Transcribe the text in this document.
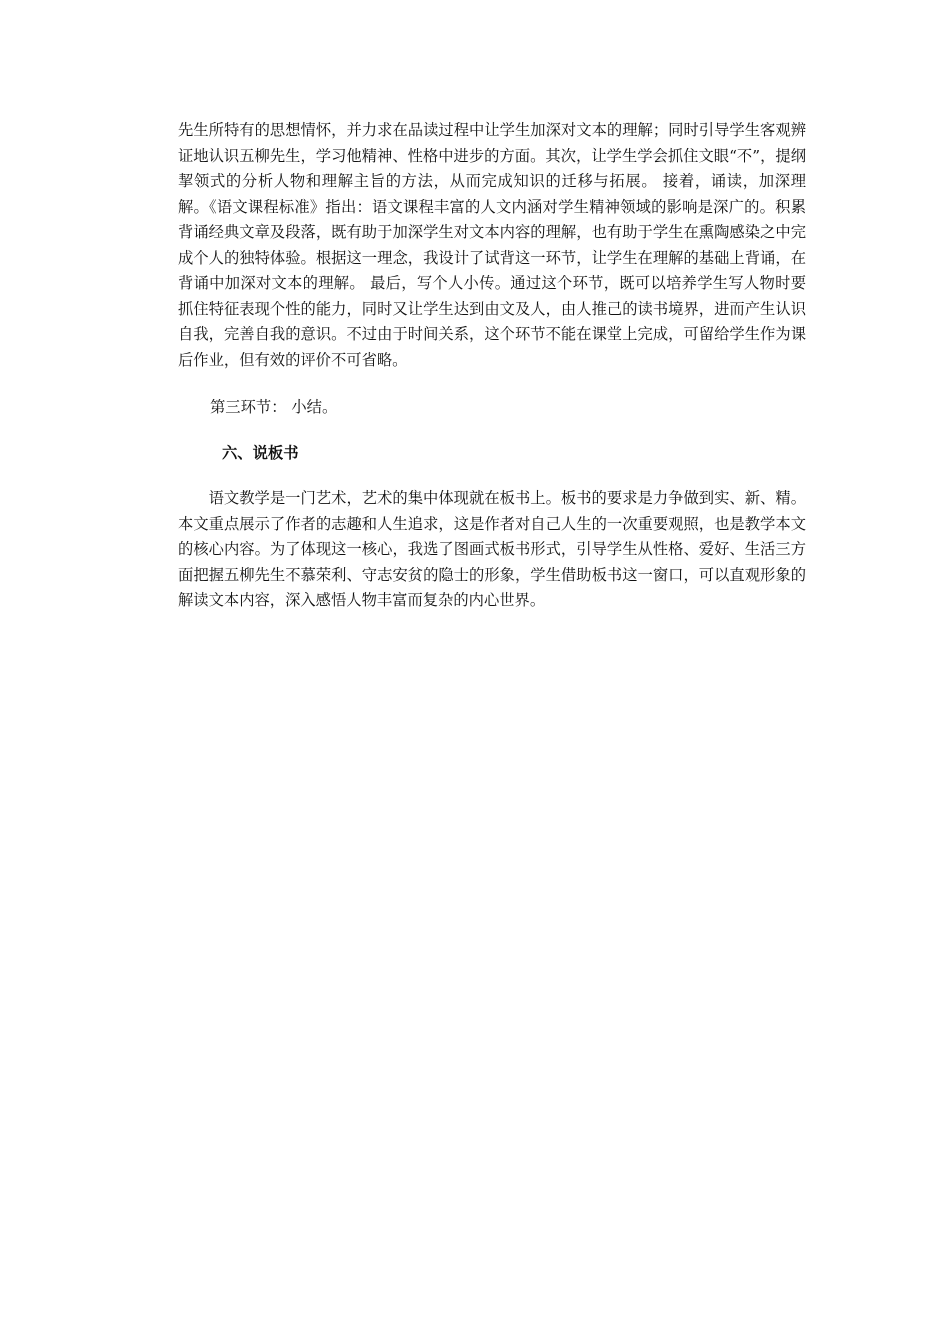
先生所特有的思想情怀，并力求在品读过程中让学生加深对文本的理解；同时引导学生客观辨证地认识五柳先生，学习他精神、性格中进步的方面。其次，让学生学会抓住文眼“不”，提纲挈领式的分析人物和理解主旨的方法，从而完成知识的迁移与拓展。 接着，诵读，加深理解。《语文课程标准》指出：语文课程丰富的人文内涵对学生精神领域的影响是深广的。积累背诵经典文章及段落，既有助于加深学生对文本内容的理解，也有助于学生在熏陶感染之中完成个人的独特体验。根据这一理念，我设计了试背这一环节，让学生在理解的基础上背诵，在背诵中加深对文本的理解。 最后，写个人小传。通过这个环节，既可以培养学生写人物时要抓住特征表现个性的能力，同时又让学生达到由文及人，由人推己的读书境界，进而产生认识自我，完善自我的意识。不过由于时间关系，这个环节不能在课堂上完成，可留给学生作为课后作业，但有效的评价不可省略。

第三环节： 小结。
六、说板书

语文教学是一门艺术，艺术的集中体现就在板书上。板书的要求是力争做到实、新、精。本文重点展示了作者的志趣和人生追求，这是作者对自己人生的一次重要观照，也是教学本文的核心内容。为了体现这一核心，我选了图画式板书形式，引导学生从性格、爱好、生活三方面把握五柳先生不慕荣利、守志安贫的隐士的形象，学生借助板书这一窗口，可以直观形象的解读文本内容，深入感悟人物丰富而复杂的内心世界。
